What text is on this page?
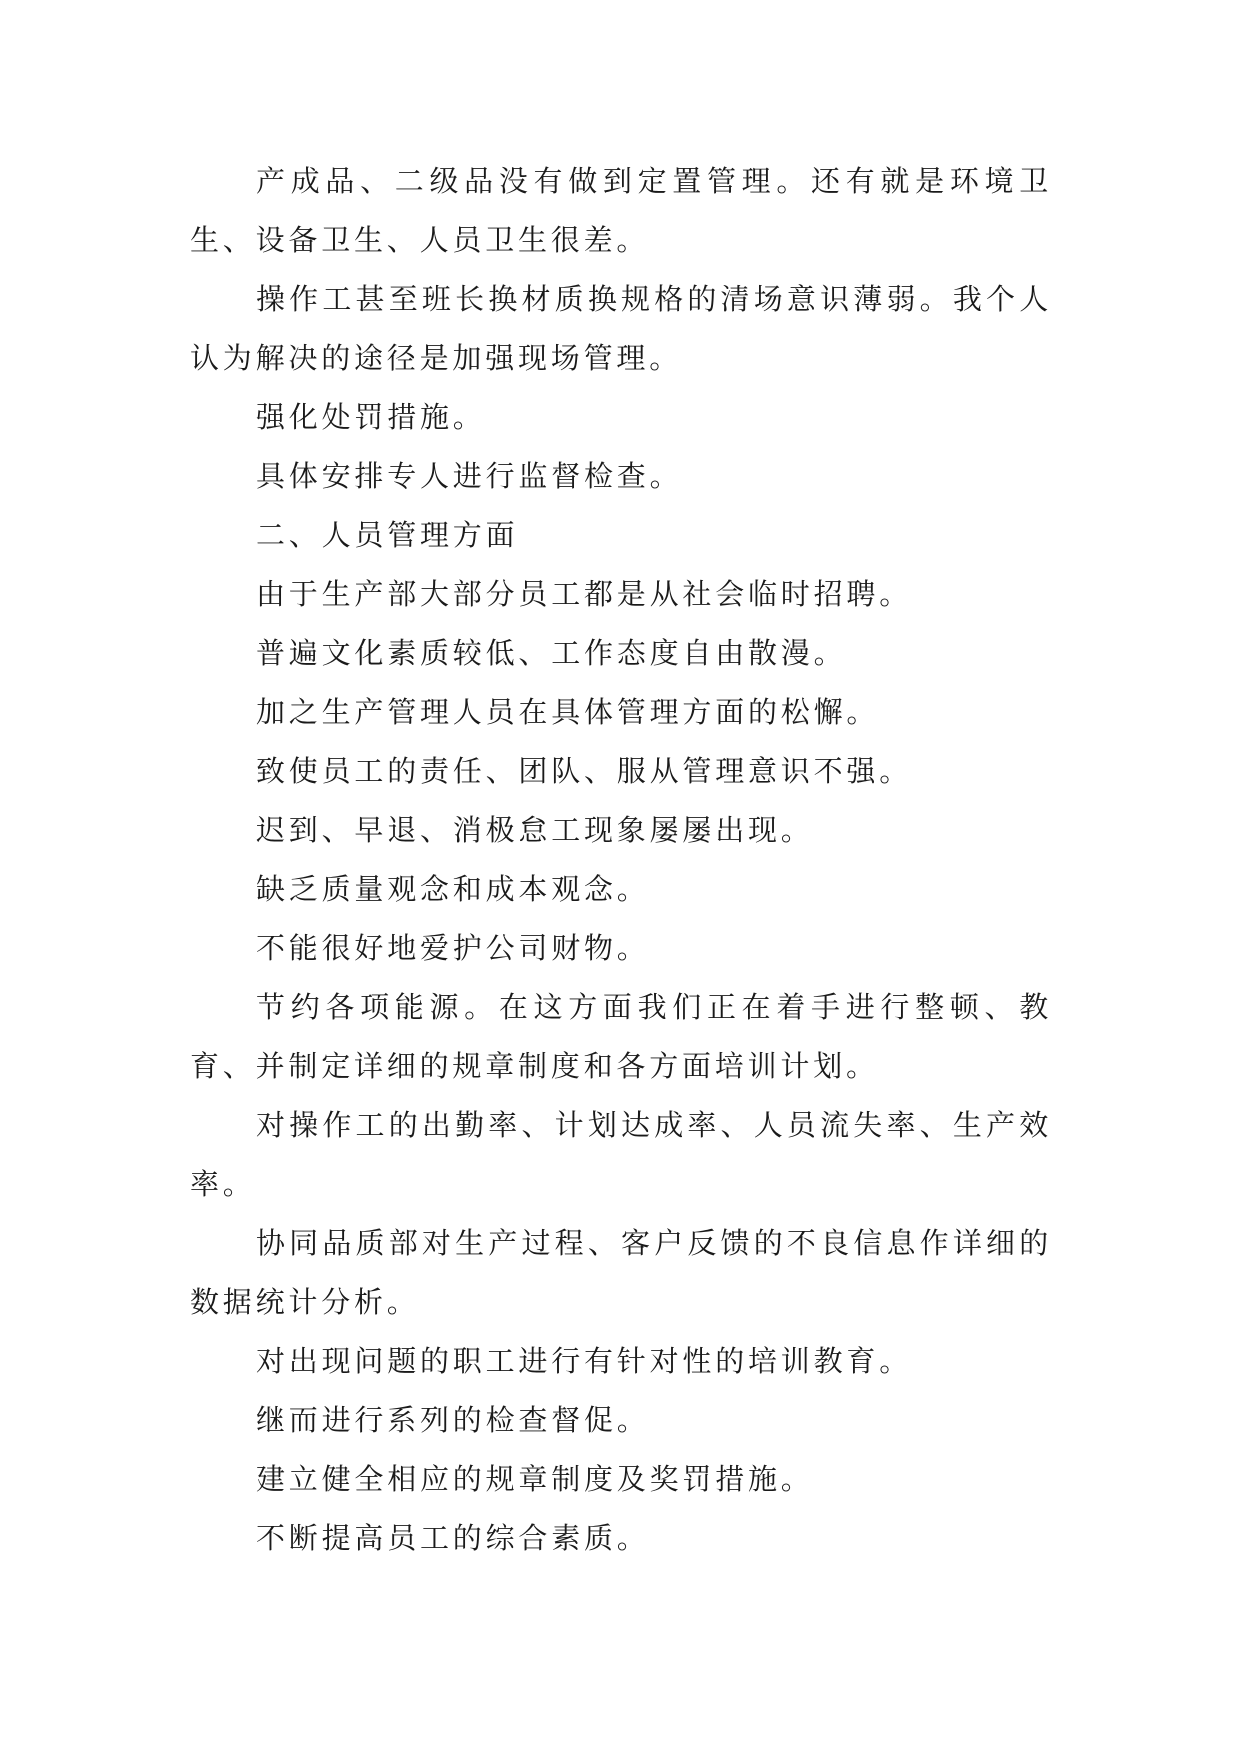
产成品、二级品没有做到定置管理。还有就是环境卫生、设备卫生、人员卫生很差。

操作工甚至班长换材质换规格的清场意识薄弱。我个人认为解决的途径是加强现场管理。

强化处罚措施。

具体安排专人进行监督检查。

二、人员管理方面

由于生产部大部分员工都是从社会临时招聘。

普遍文化素质较低、工作态度自由散漫。

加之生产管理人员在具体管理方面的松懈。

致使员工的责任、团队、服从管理意识不强。

迟到、早退、消极怠工现象屡屡出现。

缺乏质量观念和成本观念。

不能很好地爱护公司财物。

节约各项能源。在这方面我们正在着手进行整顿、教育、并制定详细的规章制度和各方面培训计划。

对操作工的出勤率、计划达成率、人员流失率、生产效率。

协同品质部对生产过程、客户反馈的不良信息作详细的数据统计分析。

对出现问题的职工进行有针对性的培训教育。

继而进行系列的检查督促。

建立健全相应的规章制度及奖罚措施。

不断提高员工的综合素质。
